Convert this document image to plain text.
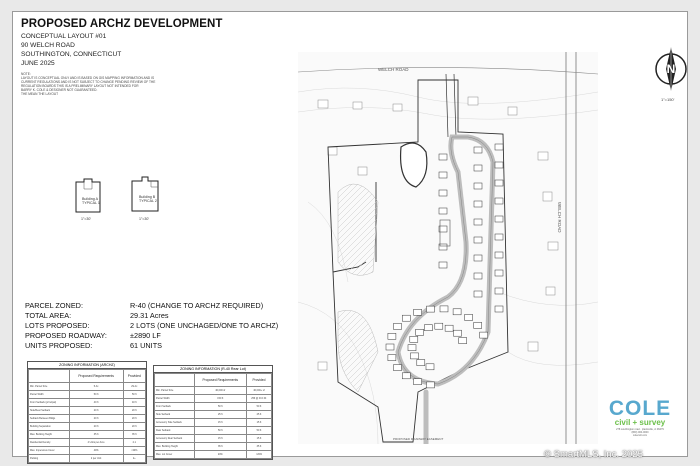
PROPOSED ARCHZ DEVELOPMENT
CONCEPTUAL LAYOUT #01
90 WELCH ROAD
SOUTHINGTON, CONNECTICUT
JUNE 2025
NOTE:
LAYOUT IS CONCEPTUAL ONLY AND IS BASED ON GIS MAPPING INFORMATION AND IS
CURRENT REGULATIONS AND IS NOT SUBJECT TO CHANGE PENDING REVIEW OF THE
REGULATION BOARDS THIS IS A PRELIMINARY LAYOUT NOT INTENDED FOR
BARRY K. COLE & DESIGNER NOT GUARANTEED.
THE MEAN THE LAYOUT
Building A
TYPICAL 1
1"=30'
Building B
TYPICAL 2
1"=30'	WELCH ROAD
WELCH ROAD
PROPOSED ROADWAY EASEMENT
N
1"=150'
PARCEL ZONED:	R-40 (CHANGE TO ARCHZ REQUIRED)
TOTAL AREA:	29.31 Acres
LOTS PROPOSED:	2 LOTS (ONE UNCHAGED/ONE TO ARCHZ)
PROPOSED ROADWAY:	±2890 LF
UNITS PROPOSED:	61 UNITS
ZONING INFORMATION (ARCHZ)
	Proposed Requirements	Provided
Min. Parcel Size	5 Ac	29 Ac
Parcel Width	50 ft	50 ft
Front Setback (principal)	40 ft	40 ft
Side/Rear Setback	20 ft	20 ft
Setback Between Bldgs	20 ft	20 ft
Building Separation	20 ft	20 ft
Max. Building Height	35 ft	35 ft
Residential Density	4 Units per Acre	2.1
Max. Impervious Cover	40%	<40%
Parking	2 per Unit	2+
ZONING INFORMATION (R-40 Rear Lot)
	Proposed Requirements	Provided
Min. Parcel Size	40,000 sf	40,000+ sf
Parcel Width	150 ft	25ft @ R.O.W.
Front Setback	50 ft	50 ft
Side Setback	25 ft	25 ft
Accessory Side Setback	15 ft	15 ft
Rear Setback	50 ft	50 ft
Accessory Rear Setback	15 ft	15 ft
Max. Building Height	35 ft	35 ft
Max. Lot Cover	20%	<20%
COLE
civil + survey
278 southington road · plantsville, ct 06479
(860) 000-0000
colecivil.com
© SmartMLS, Inc. 2025
